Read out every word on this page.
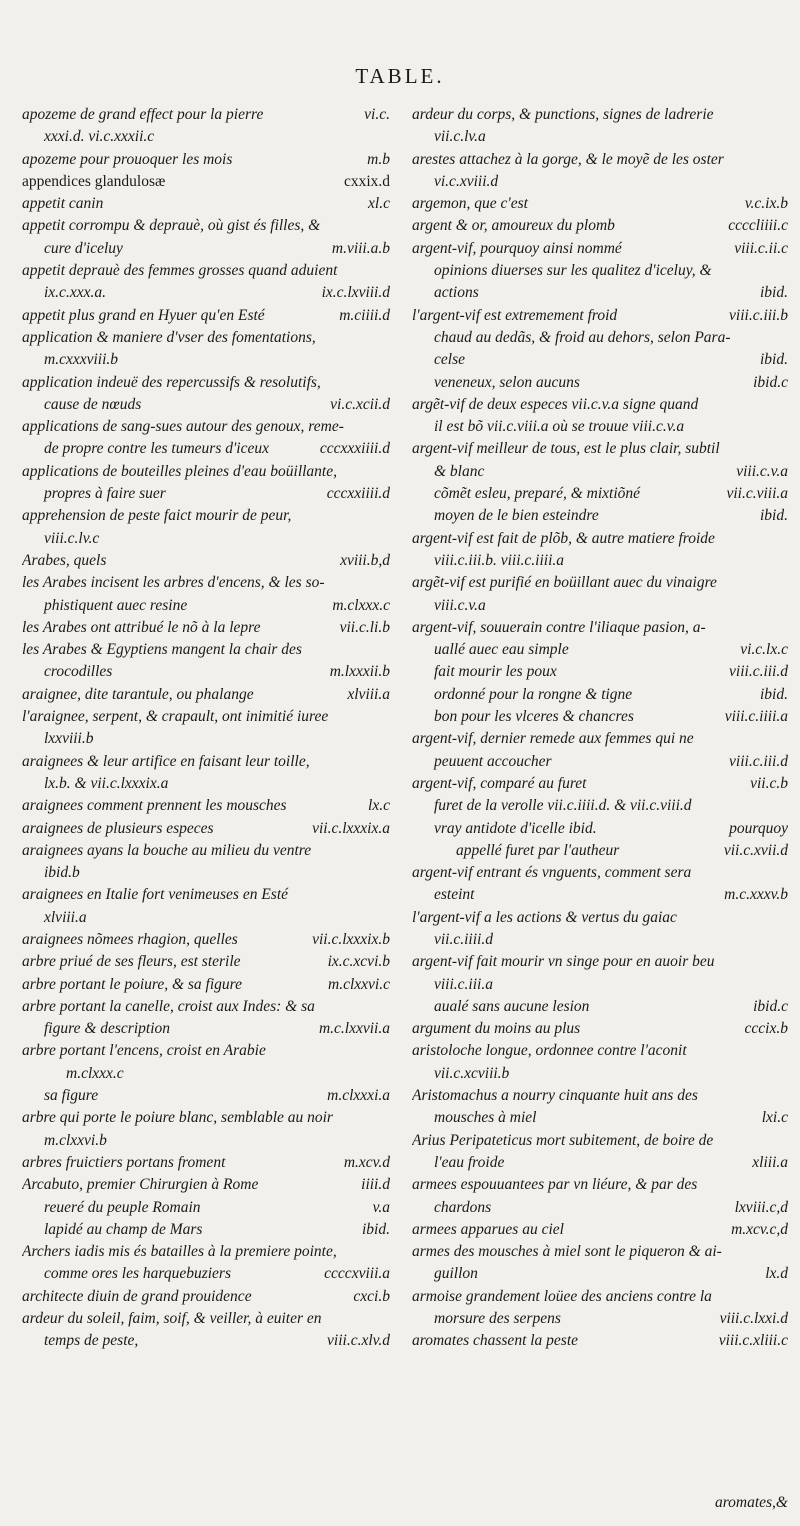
TABLE.
apozeme de grand effect pour la pierre	vi.c.
xxxi.d. vi.c.xxxii.c
apozeme pour prouoquer les mois	m.b
appendices glandulosæ	cxxix.d
appetit canin	xl.c
appetit corrompu & deprauè, où gist és filles, &
cure d'iceluy	m.viii.a.b
appetit deprauè des femmes grosses quand aduient
ix.c.xxx.a.	ix.c.lxviii.d
appetit plus grand en Hyuer qu'en Esté	m.ciiii.d
application & maniere d'vser des fomentations,
m.cxxxviii.b
application indeuë des repercussifs & resolutifs,
cause de nœuds	vi.c.xcii.d
applications de sang-sues autour des genoux, reme-
de propre contre les tumeurs d'iceux	cccxxxiiii.d
applications de bouteilles pleines d'eau boüillante,
propres à faire suer	cccxxiiii.d
apprehension de peste faict mourir de peur,
viii.c.lv.c
Arabes, quels	xviii.b,d
les Arabes incisent les arbres d'encens, & les so-
phistiquent auec resine	m.clxxx.c
les Arabes ont attribué le nõ à la lepre	vii.c.li.b
les Arabes & Egyptiens mangent la chair des
crocodilles	m.lxxxii.b
araignee, dite tarantule, ou phalange	xlviii.a
l'araignee, serpent, & crapault, ont inimitié iuree
lxxviii.b
araignees & leur artifice en faisant leur toille,
lx.b. & vii.c.lxxxix.a
araignees comment prennent les mousches	lx.c
araignees de plusieurs especes	vii.c.lxxxix.a
araignees ayans la bouche au milieu du ventre
ibid.b
araignees en Italie fort venimeuses en Esté
xlviii.a
araignees nõmees rhagion, quelles	vii.c.lxxxix.b
arbre priué de ses fleurs, est sterile	ix.c.xcvi.b
arbre portant le poiure, & sa figure	m.clxxvi.c
arbre portant la canelle, croist aux Indes: & sa
figure & description	m.c.lxxvii.a
arbre portant l'encens, croist en Arabie
m.clxxx.c
sa figure	m.clxxxi.a
arbre qui porte le poiure blanc, semblable au noir
m.clxxvi.b
arbres fruictiers portans froment	m.xcv.d
Arcabuto, premier Chirurgien à Rome	iiii.d
reueré du peuple Romain	v.a
lapidé au champ de Mars	ibid.
Archers iadis mis és batailles à la premiere pointe,
comme ores les harquebuziers	ccccxviii.a
architecte diuin de grand prouidence	cxci.b
ardeur du soleil, faim, soif, & veiller, à euiter en
temps de peste,	viii.c.xlv.d
ardeur du corps, & punctions, signes de ladrerie
vii.c.lv.a
arestes attachez à la gorge, & le moyẽ de les oster
vi.c.xviii.d
argemon, que c'est	v.c.ix.b
argent & or, amoureux du plomb	ccccliiii.c
argent-vif, pourquoy ainsi nommé	viii.c.ii.c
opinions diuerses sur les qualitez d'iceluy, &
actions	ibid.
l'argent-vif est extremement froid	viii.c.iii.b
chaud au dedãs, & froid au dehors, selon Para-
celse	ibid.
veneneux, selon aucuns	ibid.c
argẽt-vif de deux especes vii.c.v.a signe quand
il est bõ vii.c.viii.a où se trouue viii.c.v.a
argent-vif meilleur de tous, est le plus clair, subtil
& blanc	viii.c.v.a
cõmẽt esleu, preparé, & mixtiõné	vii.c.viii.a
moyen de le bien esteindre	ibid.
argent-vif est fait de plõb, & autre matiere froide
viii.c.iii.b. viii.c.iiii.a
argẽt-vif est purifié en boüillant auec du vinaigre
viii.c.v.a
argent-vif, souuerain contre l'iliaque pasion, a-
uallé auec eau simple	vi.c.lx.c
fait mourir les poux	viii.c.iii.d
ordonné pour la rongne & tigne	ibid.
bon pour les vlceres & chancres	viii.c.iiii.a
argent-vif, dernier remede aux femmes qui ne
peuuent accoucher	viii.c.iii.d
argent-vif, comparé au furet	vii.c.b
furet de la verolle vii.c.iiii.d. & vii.c.viii.d
vray antidote d'icelle ibid.	pourquoy
appellé furet par l'autheur	vii.c.xvii.d
argent-vif entrant és vnguents, comment sera
esteint	m.c.xxxv.b
l'argent-vif a les actions & vertus du gaiac
vii.c.iiii.d
argent-vif fait mourir vn singe pour en auoir beu
viii.c.iii.a
aualé sans aucune lesion	ibid.c
argument du moins au plus	cccix.b
aristoloche longue, ordonnee contre l'aconit
vii.c.xcviii.b
Aristomachus a nourry cinquante huit ans des
mousches à miel	lxi.c
Arius Peripateticus mort subitement, de boire de
l'eau froide	xliii.a
armees espouuantees par vn liéure, & par des
chardons	lxviii.c,d
armees apparues au ciel	m.xcv.c,d
armes des mousches à miel sont le piqueron & ai-
guillon	lx.d
armoise grandement loüee des anciens contre la
morsure des serpens	viii.c.lxxi.d
aromates chassent la peste	viii.c.xliii.c
aromates,&
